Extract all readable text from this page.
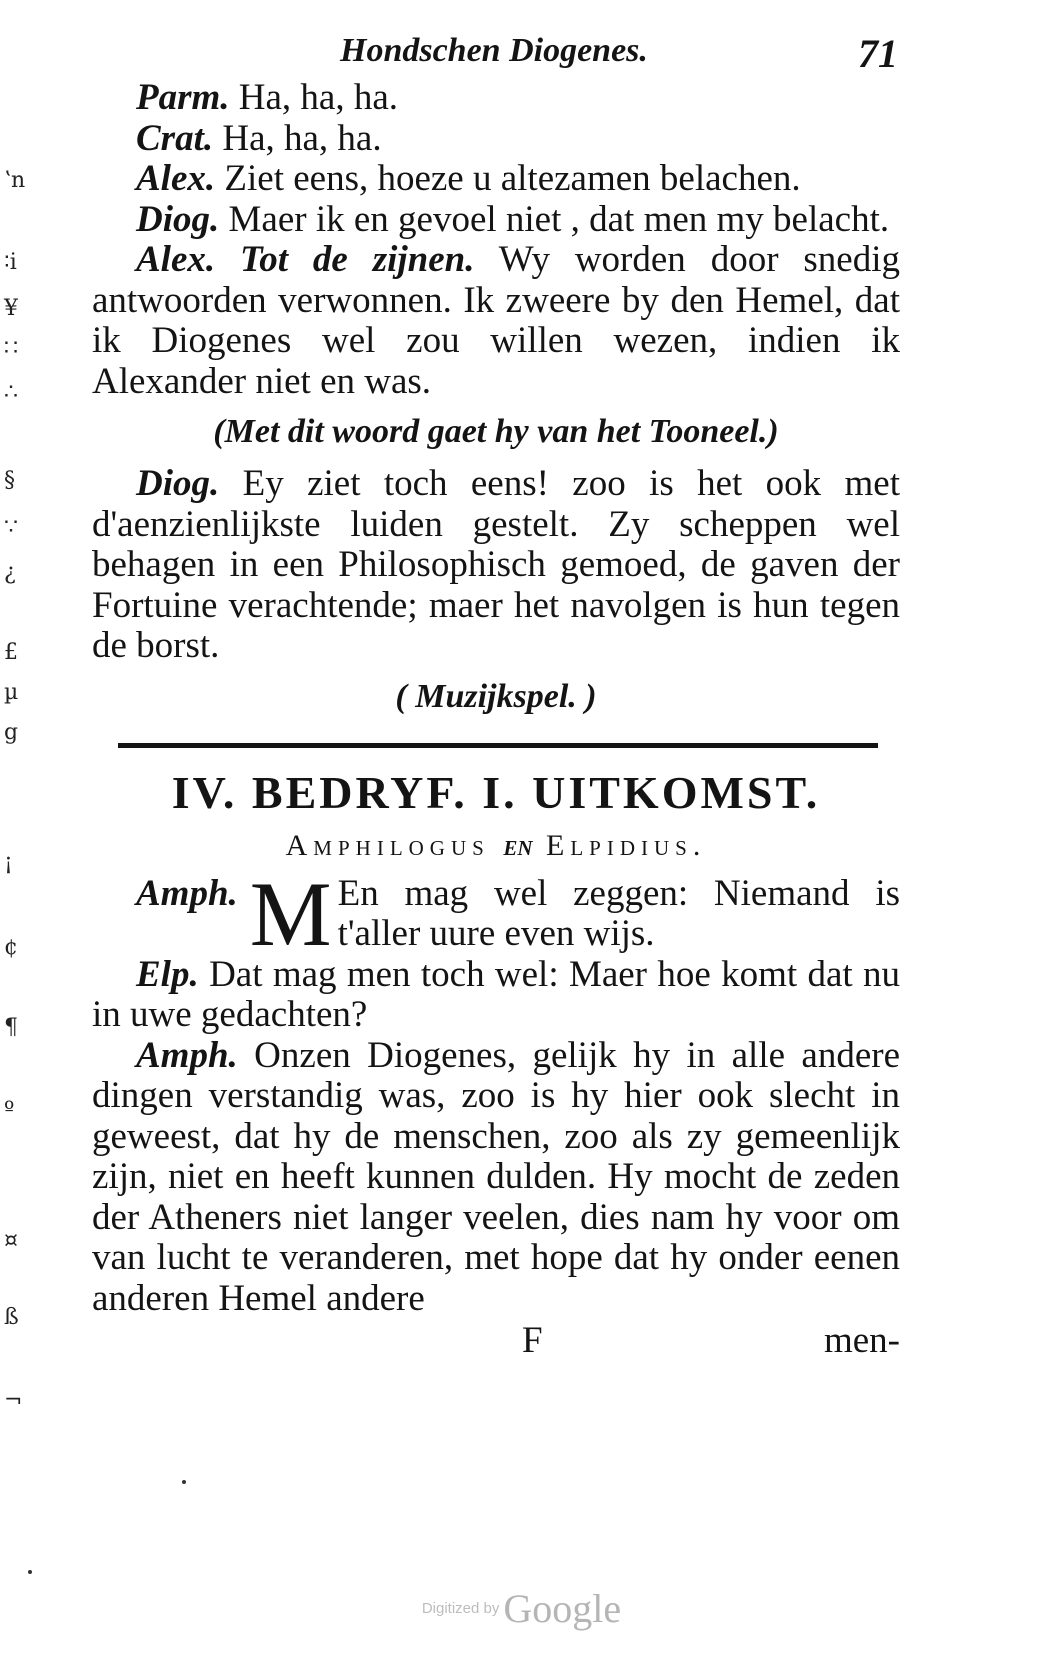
ʽn
∶i
¥
∷
∴
§
∵
¿
£
µ
g
¡
¢
¶
º
¤
ß
¬
Hondschen Diogenes.	71

Parm. Ha, ha, ha.

Crat. Ha, ha, ha.

Alex. Ziet eens, hoeze u altezamen belachen.

Diog. Maer ik en gevoel niet , dat men my belacht.

Alex. Tot de zijnen. Wy worden door snedig antwoorden verwonnen. Ik zweere by den Hemel, dat ik Diogenes wel zou willen wezen, indien ik Alexander niet en was.

(Met dit woord gaet hy van het Tooneel.)

Diog. Ey ziet toch eens! zoo is het ook met d'aenzienlijkste luiden gestelt. Zy scheppen wel behagen in een Philosophisch gemoed, de gaven der Fortuine verachtende; maer het navolgen is hun tegen de borst.

( Muzijkspel. )
IV. BEDRYF. I. UITKOMST.
Amphilogus en Elpidius.

Amph. M En mag wel zeggen: Niemand is t'aller uure even wijs.

Elp. Dat mag men toch wel: Maer hoe komt dat nu in uwe gedachten?

Amph. Onzen Diogenes, gelijk hy in alle andere dingen verstandig was, zoo is hy hier ook slecht in geweest, dat hy de menschen, zoo als zy gemeenlijk zijn, niet en heeft kunnen dulden. Hy mocht de zeden der Atheners niet langer veelen, dies nam hy voor om van lucht te veranderen, met hope dat hy onder eenen anderen Hemel andere

F	men-
Digitized by Google
